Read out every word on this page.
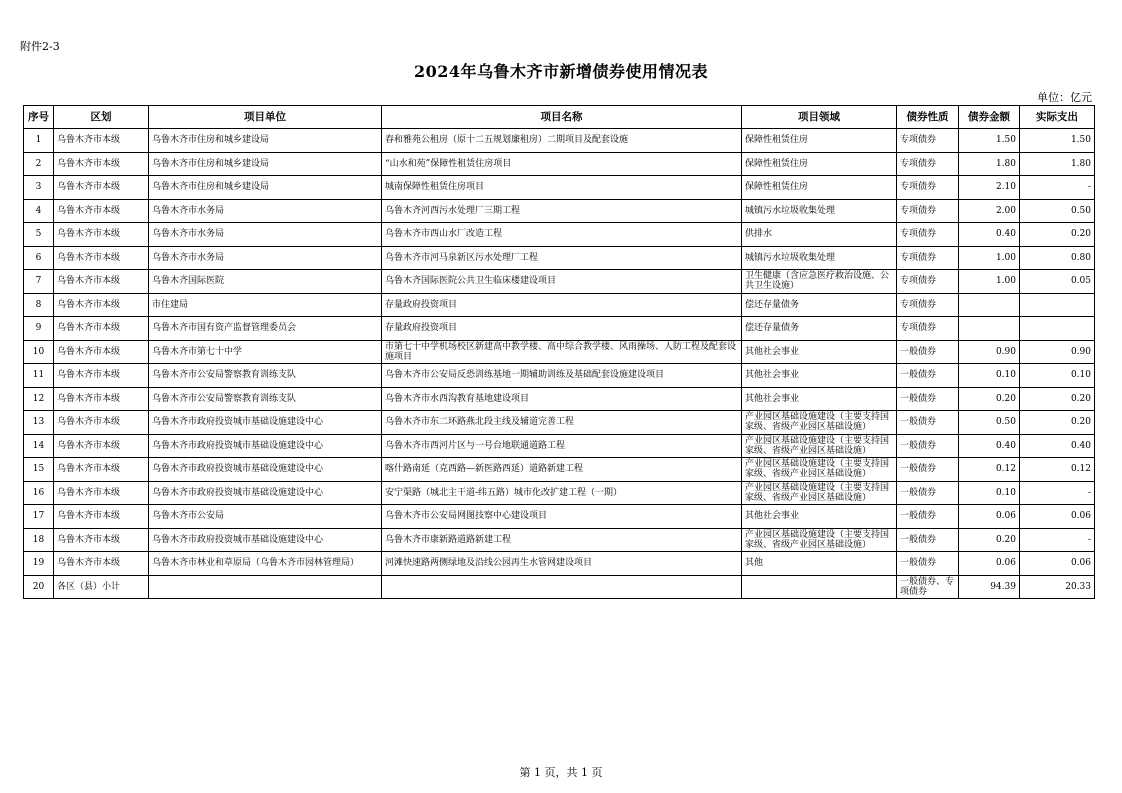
附件2-3
2024年乌鲁木齐市新增债券使用情况表
单位：亿元
序号	区划	项目单位	项目名称	项目领域	债券性质	债券金额	实际支出
1	乌鲁木齐市本级	乌鲁木齐市住房和城乡建设局	春和雅苑公租房（原十二五规划廉租房）二期项目及配套设施	保障性租赁住房	专项债券	1.50	1.50
2	乌鲁木齐市本级	乌鲁木齐市住房和城乡建设局	“山水和苑”保障性租赁住房项目	保障性租赁住房	专项债券	1.80	1.80
3	乌鲁木齐市本级	乌鲁木齐市住房和城乡建设局	城南保障性租赁住房项目	保障性租赁住房	专项债券	2.10	-
4	乌鲁木齐市本级	乌鲁木齐市水务局	乌鲁木齐河西污水处理厂三期工程	城镇污水垃圾收集处理	专项债券	2.00	0.50
5	乌鲁木齐市本级	乌鲁木齐市水务局	乌鲁木齐市西山水厂改造工程	供排水	专项债券	0.40	0.20
6	乌鲁木齐市本级	乌鲁木齐市水务局	乌鲁木齐市河马泉新区污水处理厂工程	城镇污水垃圾收集处理	专项债券	1.00	0.80
7	乌鲁木齐市本级	乌鲁木齐国际医院	乌鲁木齐国际医院公共卫生临床楼建设项目	卫生健康（含应急医疗救治设施、公共卫生设施）	专项债券	1.00	0.05
8	乌鲁木齐市本级	市住建局	存量政府投资项目	偿还存量债务	专项债券		
9	乌鲁木齐市本级	乌鲁木齐市国有资产监督管理委员会	存量政府投资项目	偿还存量债务	专项债券		
10	乌鲁木齐市本级	乌鲁木齐市第七十中学	市第七十中学机场校区新建高中教学楼、高中综合教学楼、风雨操场、人防工程及配套设施项目	其他社会事业	一般债券	0.90	0.90
11	乌鲁木齐市本级	乌鲁木齐市公安局警察教育训练支队	乌鲁木齐市公安局反恐训练基地一期辅助训练及基础配套设施建设项目	其他社会事业	一般债券	0.10	0.10
12	乌鲁木齐市本级	乌鲁木齐市公安局警察教育训练支队	乌鲁木齐市水西沟教育基地建设项目	其他社会事业	一般债券	0.20	0.20
13	乌鲁木齐市本级	乌鲁木齐市政府投资城市基础设施建设中心	乌鲁木齐市东二环路燕北段主线及辅道完善工程	产业园区基础设施建设（主要支持国家级、省级产业园区基础设施）	一般债券	0.50	0.20
14	乌鲁木齐市本级	乌鲁木齐市政府投资城市基础设施建设中心	乌鲁木齐市西河片区与一号台地联通道路工程	产业园区基础设施建设（主要支持国家级、省级产业园区基础设施）	一般债券	0.40	0.40
15	乌鲁木齐市本级	乌鲁木齐市政府投资城市基础设施建设中心	喀什路南延（克西路—新医路西延）道路新建工程	产业园区基础设施建设（主要支持国家级、省级产业园区基础设施）	一般债券	0.12	0.12
16	乌鲁木齐市本级	乌鲁木齐市政府投资城市基础设施建设中心	安宁渠路（城北主干道-纬五路）城市化改扩建工程（一期）	产业园区基础设施建设（主要支持国家级、省级产业园区基础设施）	一般债券	0.10	-
17	乌鲁木齐市本级	乌鲁木齐市公安局	乌鲁木齐市公安局网图技察中心建设项目	其他社会事业	一般债券	0.06	0.06
18	乌鲁木齐市本级	乌鲁木齐市政府投资城市基础设施建设中心	乌鲁木齐市康新路道路新建工程	产业园区基础设施建设（主要支持国家级、省级产业园区基础设施）	一般债券	0.20	-
19	乌鲁木齐市本级	乌鲁木齐市林业和草原局（乌鲁木齐市园林管理局）	河滩快速路两侧绿地及沿线公园再生水管网建设项目	其他	一般债券	0.06	0.06
20	各区（县）小计				一般债券、专项债券	94.39	20.33
第 1 页，共 1 页
